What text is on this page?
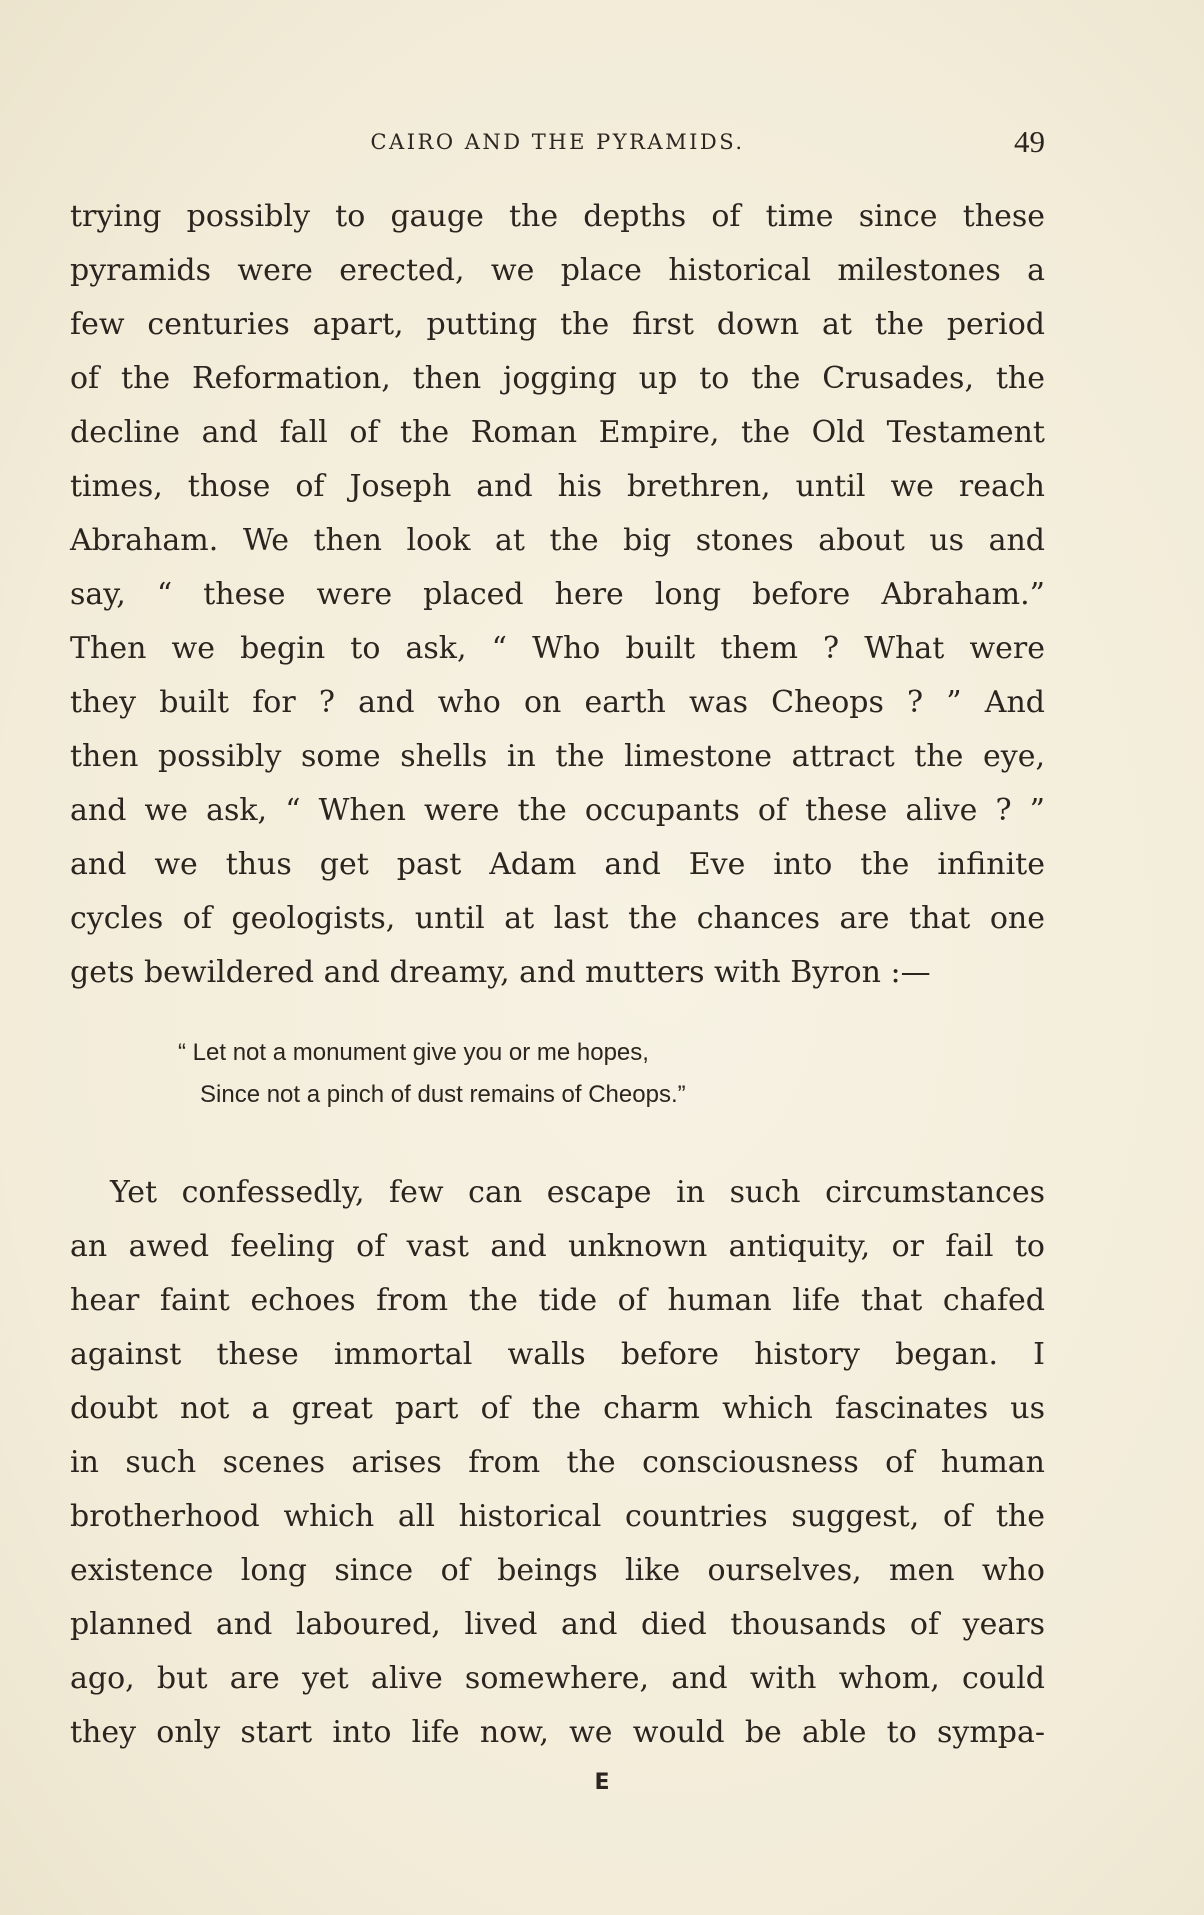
CAIRO AND THE PYRAMIDS.	49
trying possibly to gauge the depths of time since these
pyramids were erected, we place historical milestones a
few centuries apart, putting the first down at the period
of the Reformation, then jogging up to the Crusades, the
decline and fall of the Roman Empire, the Old Testament
times, those of Joseph and his brethren, until we reach
Abraham. We then look at the big stones about us and
say, “ these were placed here long before Abraham.”
Then we begin to ask, “ Who built them ? What were
they built for ? and who on earth was Cheops ? ” And
then possibly some shells in the limestone attract the eye,
and we ask, “ When were the occupants of these alive ? ”
and we thus get past Adam and Eve into the infinite
cycles of geologists, until at last the chances are that one
gets bewildered and dreamy, and mutters with Byron :—
“ Let not a monument give you or me hopes,
Since not a pinch of dust remains of Cheops.”
Yet confessedly, few can escape in such circumstances
an awed feeling of vast and unknown antiquity, or fail to
hear faint echoes from the tide of human life that chafed
against these immortal walls before history began. I
doubt not a great part of the charm which fascinates us
in such scenes arises from the consciousness of human
brotherhood which all historical countries suggest, of the
existence long since of beings like ourselves, men who
planned and laboured, lived and died thousands of years
ago, but are yet alive somewhere, and with whom, could
they only start into life now, we would be able to sympa-
E
